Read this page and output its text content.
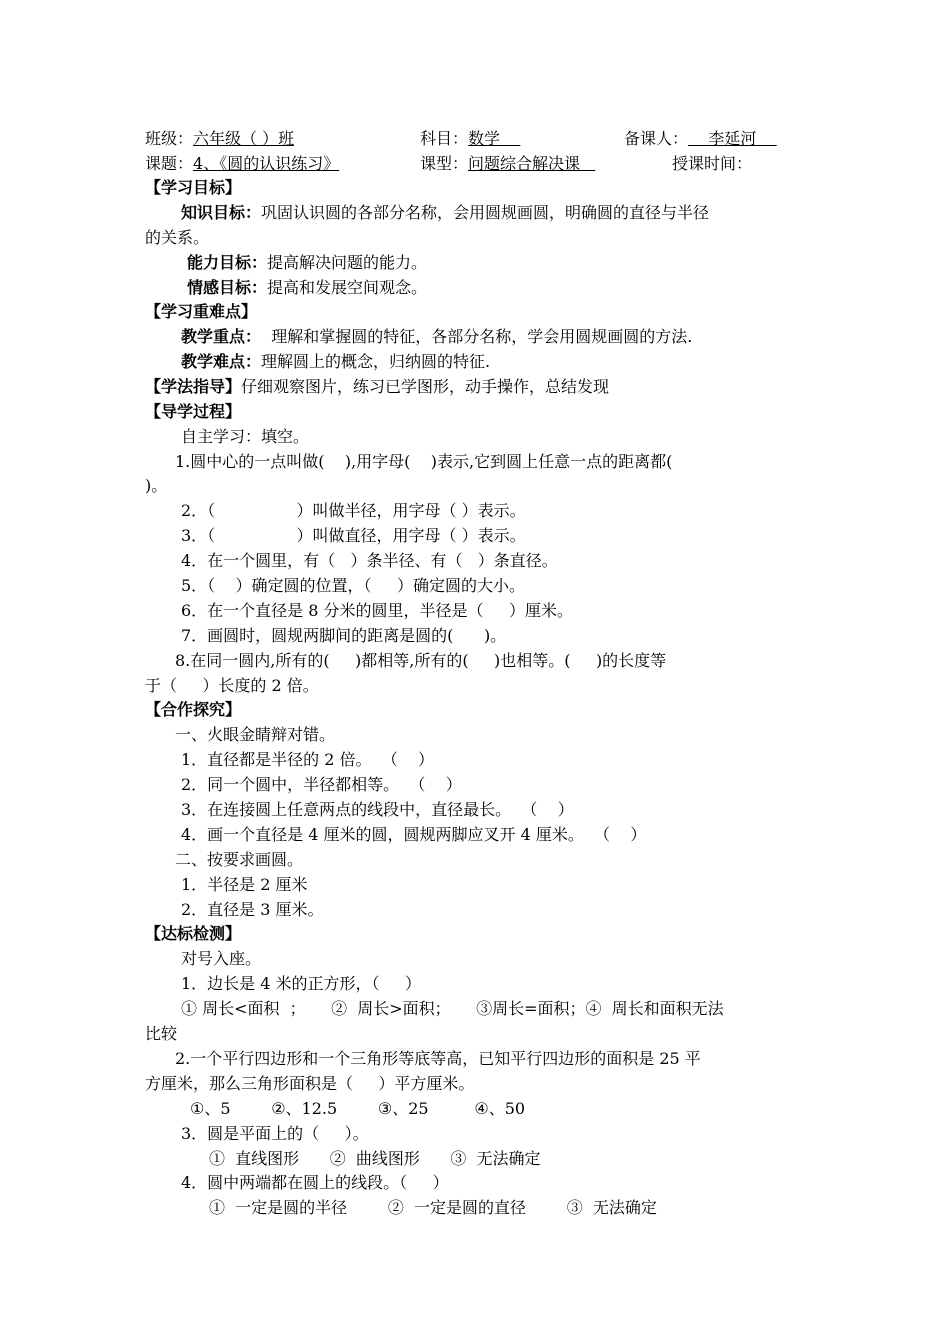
班级：六年级（ ）班	科目：数学	备课人： 李延河
课题：4、《圆的认识练习》	课型：问题综合解决课	授课时间：
【学习目标】
知识目标：巩固认识圆的各部分名称，会用圆规画圆，明确圆的直径与半径
的关系。
能力目标：提高解决问题的能力。
情感目标：提高和发展空间观念。
【学习重难点】
教学重点：  理解和掌握圆的特征，各部分名称，学会用圆规画圆的方法.
教学难点：理解圆上的概念，归纳圆的特征.
【学法指导】仔细观察图片，练习已学图形，动手操作，总结发现
【导学过程】
自主学习：填空。
1.圆中心的一点叫做(    ),用字母(    )表示,它到圆上任意一点的距离都(
)。
2．（                ）叫做半径，用字母（ ）表示。
3．（                ）叫做直径，用字母（ ）表示。
4．在一个圆里，有（   ）条半径、有（   ）条直径。
5．（    ）确定圆的位置，（     ）确定圆的大小。
6．在一个直径是 8 分米的圆里，半径是（     ）厘米。
7．画圆时，圆规两脚间的距离是圆的(      )。
8.在同一圆内,所有的(     )都相等,所有的(     )也相等。(     )的长度等
于（     ）长度的 2 倍。
【合作探究】
一、火眼金睛辩对错。
1．直径都是半径的 2 倍。  （    ）
2．同一个圆中，半径都相等。  （    ）
3．在连接圆上任意两点的线段中，直径最长。  （    ）
4．画一个直径是 4 厘米的圆，圆规两脚应叉开 4 厘米。  （    ）
二、按要求画圆。
1．半径是 2 厘米
2．直径是 3 厘米。
【达标检测】
对号入座。
1．边长是 4 米的正方形，（     ）
① 周长<面积  ；     ②  周长>面积；     ③周长=面积；④  周长和面积无法
比较
2.一个平行四边形和一个三角形等底等高，已知平行四边形的面积是 25 平
方厘米，那么三角形面积是（     ）平方厘米。
①、5        ②、12.5        ③、25         ④、50
3．圆是平面上的（     ）。
①  直线图形      ②  曲线图形      ③  无法确定
4．圆中两端都在圆上的线段。（     ）
①  一定是圆的半径        ②  一定是圆的直径        ③  无法确定
